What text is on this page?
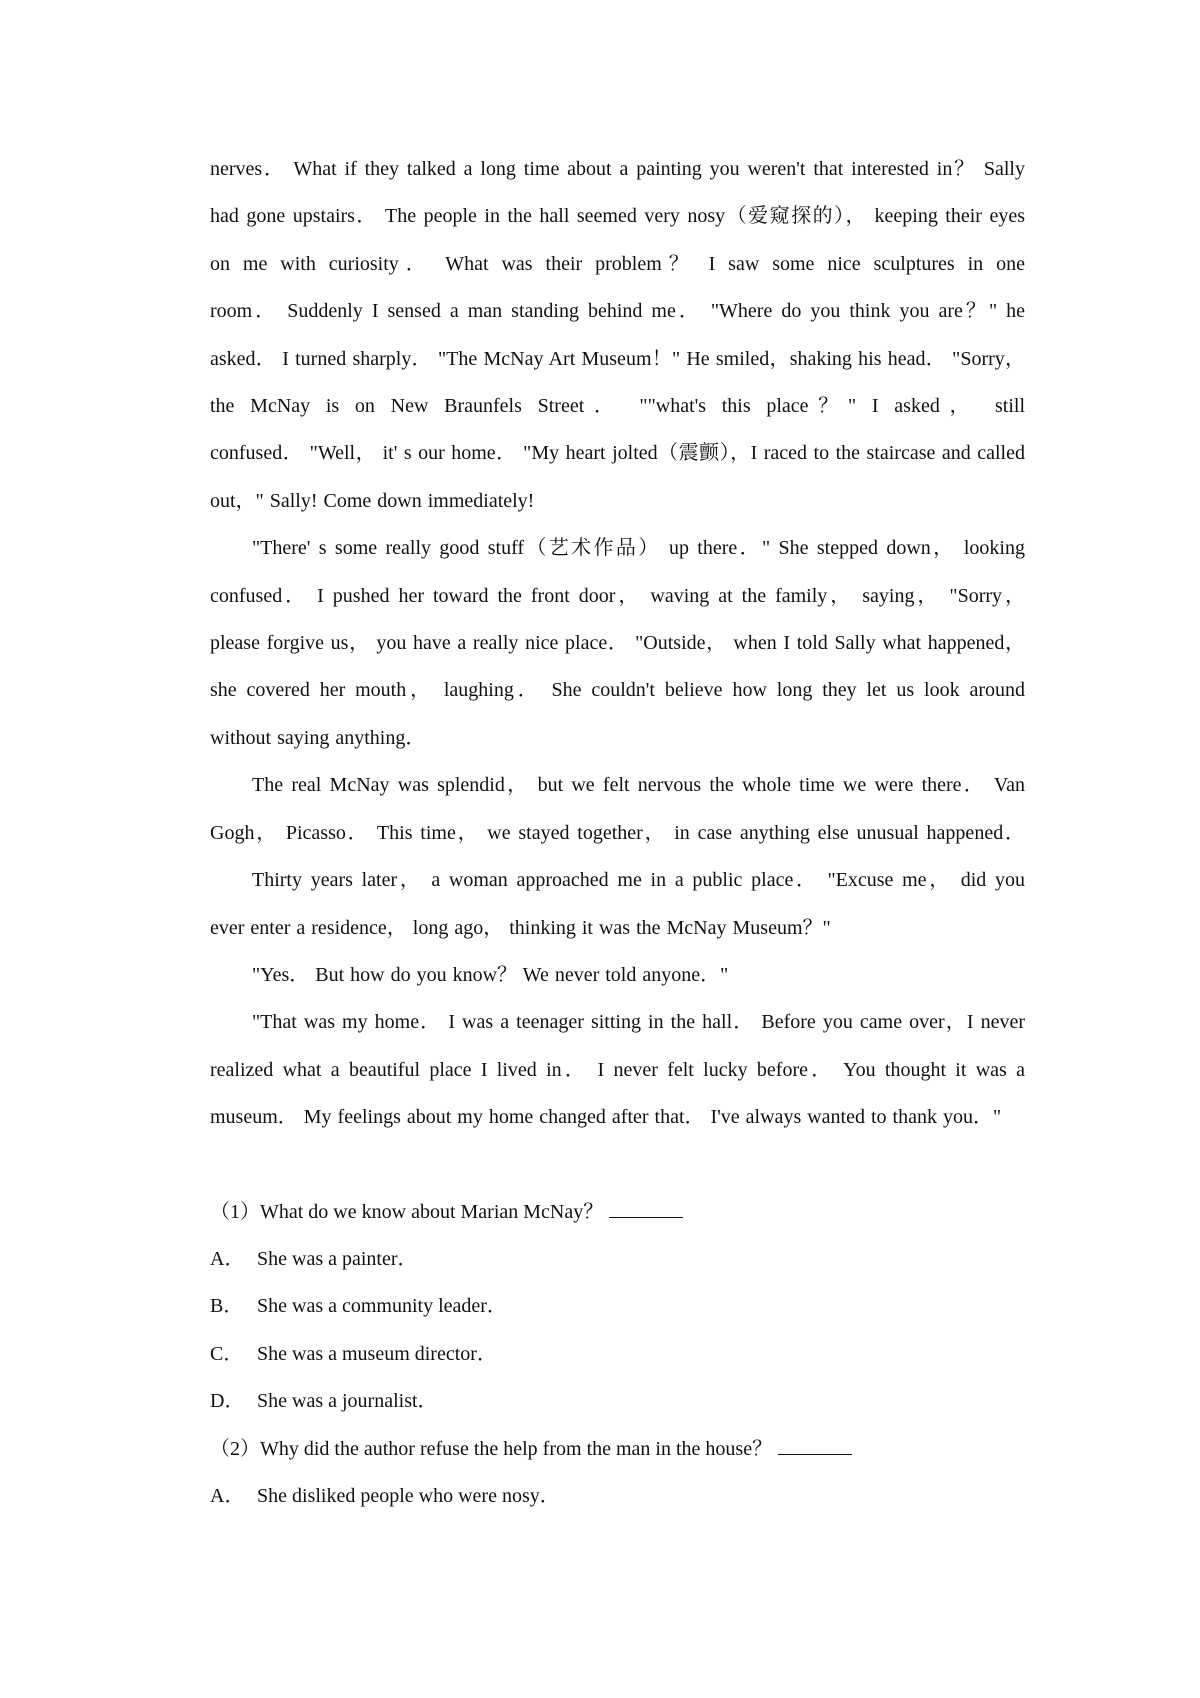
nerves． What if they talked a long time about a painting you weren't that interested in？ Sally

had gone upstairs． The people in the hall seemed very nosy（爱窥探的）， keeping their eyes

on me with curiosity． What was their problem？ I saw some nice sculptures in one

room． Suddenly I sensed a man standing behind me． "Where do you think you are？" he

asked． I turned sharply． "The McNay Art Museum！" He smiled，shaking his head． "Sorry，

the McNay is on New Braunfels Street． ""what's this place？" I asked， still

confused． "Well， it' s our home． "My heart jolted（震颤），I raced to the staircase and called

out，" Sally! Come down immediately!

"There' s some really good stuff（艺术作品） up there．" She stepped down， looking

confused． I pushed her toward the front door， waving at the family， saying， "Sorry，

please forgive us， you have a really nice place． "Outside， when I told Sally what happened，

she covered her mouth， laughing． She couldn't believe how long they let us look around

without saying anything．

The real McNay was splendid， but we felt nervous the whole time we were there． Van

Gogh， Picasso． This time， we stayed together， in case anything else unusual happened．

Thirty years later， a woman approached me in a public place． "Excuse me， did you

ever enter a residence， long ago， thinking it was the McNay Museum？"

"Yes． But how do you know？ We never told anyone．"

"That was my home． I was a teenager sitting in the hall． Before you came over，I never

realized what a beautiful place I lived in． I never felt lucky before． You thought it was a

museum． My feelings about my home changed after that． I've always wanted to thank you．"

（1）What do we know about Marian McNay？

A． She was a painter．

B． She was a community leader．

C． She was a museum director．

D． She was a journalist．

（2）Why did the author refuse the help from the man in the house？

A． She disliked people who were nosy．
